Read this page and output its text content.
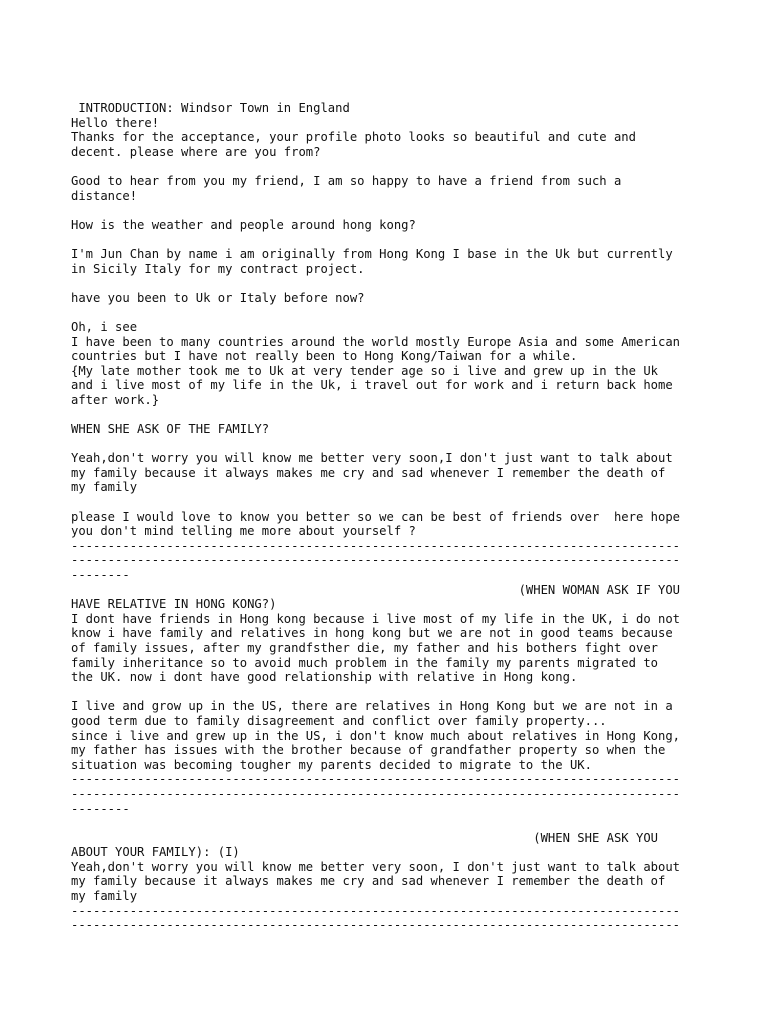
INTRODUCTION: Windsor Town in England
Hello there!
Thanks for the acceptance, your profile photo looks so beautiful and cute and
decent. please where are you from?
Good to hear from you my friend, I am so happy to have a friend from such a
distance!
How is the weather and people around hong kong?
I'm Jun Chan by name i am originally from Hong Kong I base in the Uk but currently
in Sicily Italy for my contract project.
have you been to Uk or Italy before now?
Oh, i see
I have been to many countries around the world mostly Europe Asia and some American
countries but I have not really been to Hong Kong/Taiwan for a while.
{My late mother took me to Uk at very tender age so i live and grew up in the Uk
and i live most of my life in the Uk, i travel out for work and i return back home
after work.}
WHEN SHE ASK OF THE FAMILY?
Yeah,don't worry you will know me better very soon,I don't just want to talk about
my family because it always makes me cry and sad whenever I remember the death of
my family
please I would love to know you better so we can be best of friends over  here hope
you don't mind telling me more about yourself ?
-----------------------------------------------------------------------------------
-----------------------------------------------------------------------------------
--------
(WHEN WOMAN ASK IF YOU
HAVE RELATIVE IN HONG KONG?)
I dont have friends in Hong kong because i live most of my life in the UK, i do not
know i have family and relatives in hong kong but we are not in good teams because
of family issues, after my grandfsther die, my father and his bothers fight over
family inheritance so to avoid much problem in the family my parents migrated to
the UK. now i dont have good relationship with relative in Hong kong.
I live and grow up in the US, there are relatives in Hong Kong but we are not in a
good term due to family disagreement and conflict over family property...
since i live and grew up in the US, i don't know much about relatives in Hong Kong,
my father has issues with the brother because of grandfather property so when the
situation was becoming tougher my parents decided to migrate to the UK.
-----------------------------------------------------------------------------------
-----------------------------------------------------------------------------------
--------
(WHEN SHE ASK YOU
ABOUT YOUR FAMILY): (I)
Yeah,don't worry you will know me better very soon, I don't just want to talk about
my family because it always makes me cry and sad whenever I remember the death of
my family
-----------------------------------------------------------------------------------
-----------------------------------------------------------------------------------
